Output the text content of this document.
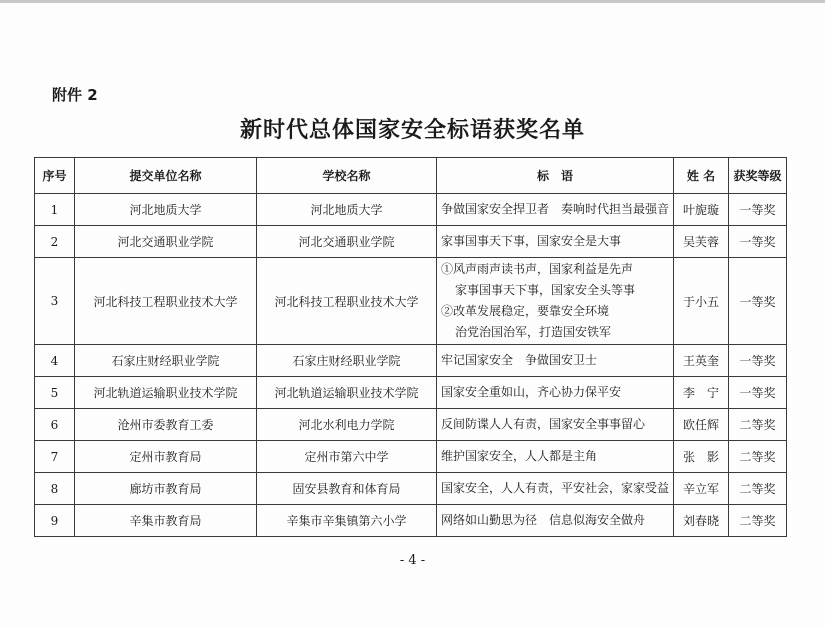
附件 2
新时代总体国家安全标语获奖名单
序号	提交单位名称	学校名称	标　语	姓 名	获奖等级
1	河北地质大学	河北地质大学	争做国家安全捍卫者　奏响时代担当最强音	叶旎璇	一等奖
2	河北交通职业学院	河北交通职业学院	家事国事天下事，国家安全是大事	吴芙蓉	一等奖
3	河北科技工程职业技术大学	河北科技工程职业技术大学	①风声雨声读书声，国家利益是先声
家事国事天下事，国家安全头等事
②改革发展稳定，要靠安全环境
治党治国治军，打造国安铁军	于小五	一等奖
4	石家庄财经职业学院	石家庄财经职业学院	牢记国家安全　争做国安卫士	王英奎	一等奖
5	河北轨道运输职业技术学院	河北轨道运输职业技术学院	国家安全重如山，齐心协力保平安	李　宁	一等奖
6	沧州市委教育工委	河北水利电力学院	反间防谍人人有责，国家安全事事留心	欧任辉	二等奖
7	定州市教育局	定州市第六中学	维护国家安全，人人都是主角	张　影	二等奖
8	廊坊市教育局	固安县教育和体育局	国家安全，人人有责，平安社会，家家受益	辛立军	二等奖
9	辛集市教育局	辛集市辛集镇第六小学	网络如山勤思为径　信息似海安全做舟	刘春晓	二等奖
- 4 -
